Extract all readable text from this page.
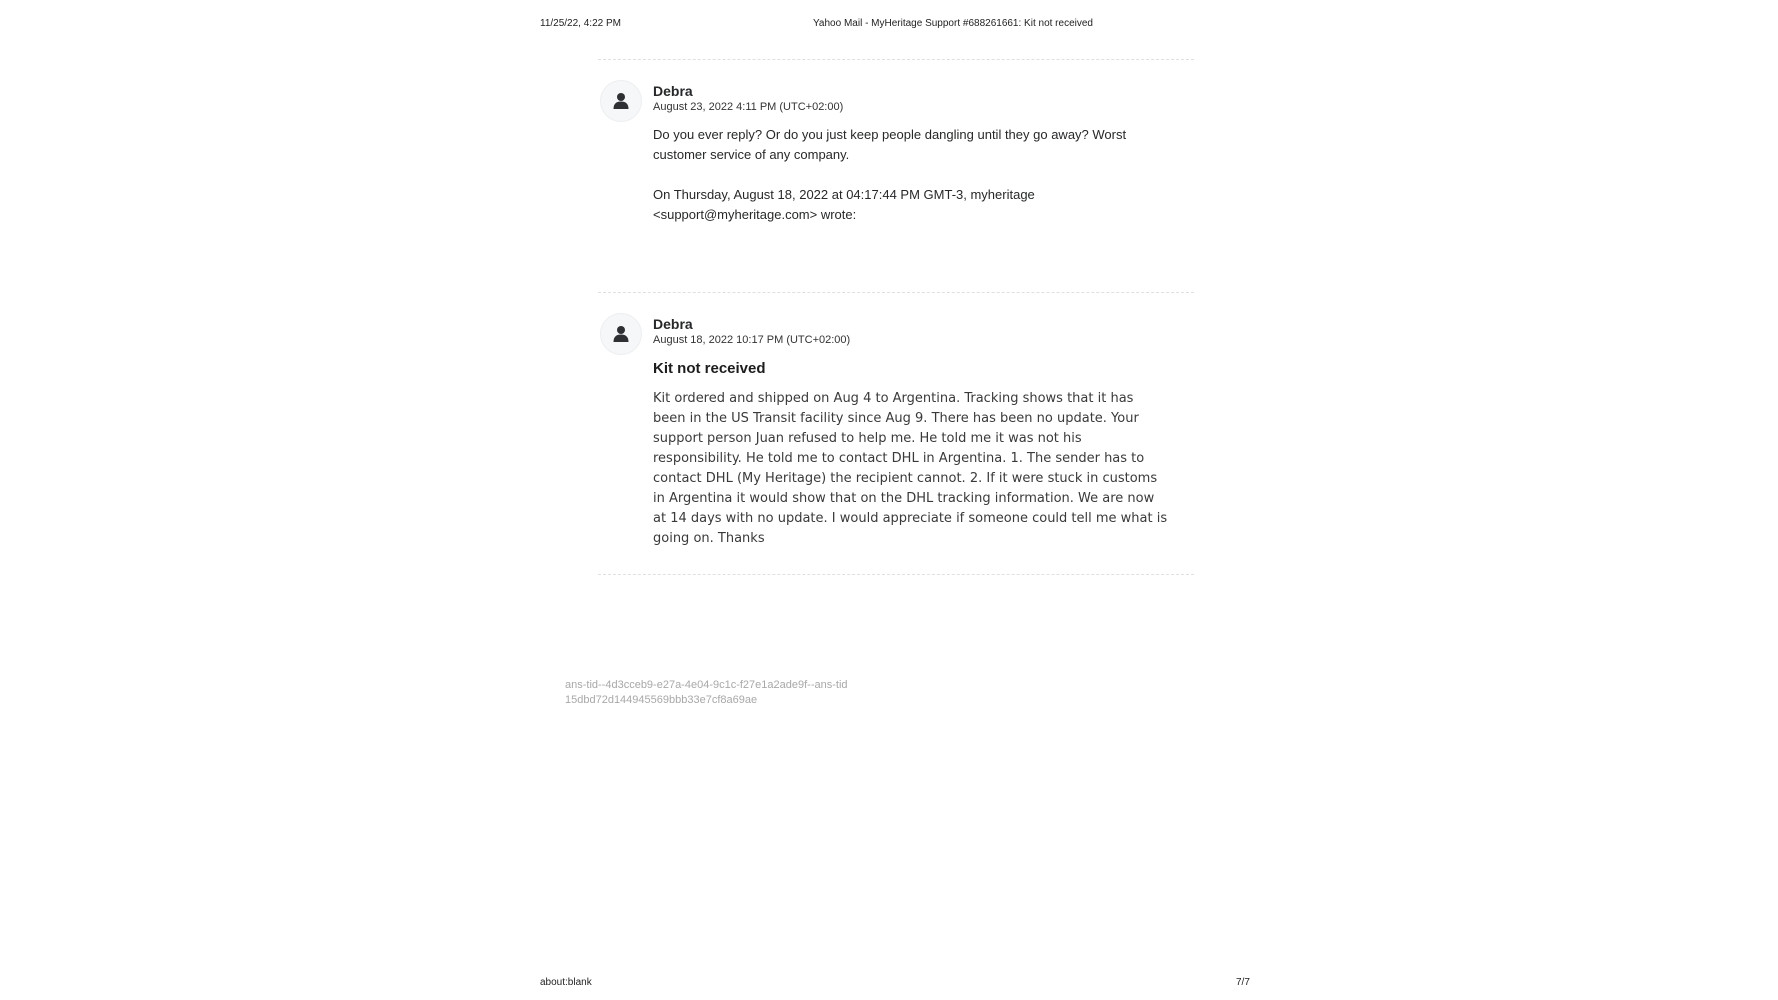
11/25/22, 4:22 PM	Yahoo Mail - MyHeritage Support #688261661: Kit not received
Debra
August 23, 2022 4:11 PM (UTC+02:00)

Do you ever reply? Or do you just keep people dangling until they go away? Worst customer service of any company.

On Thursday, August 18, 2022 at 04:17:44 PM GMT-3, myheritage <support@myheritage.com> wrote:

Debra
August 18, 2022 10:17 PM (UTC+02:00)
Kit not received
Kit ordered and shipped on Aug 4 to Argentina. Tracking shows that it has been in the US Transit facility since Aug 9. There has been no update. Your support person Juan refused to help me. He told me it was not his responsibility. He told me to contact DHL in Argentina. 1. The sender has to contact DHL (My Heritage) the recipient cannot. 2. If it were stuck in customs in Argentina it would show that on the DHL tracking information. We are now at 14 days with no update. I would appreciate if someone could tell me what is going on. Thanks
ans-tid--4d3cceb9-e27a-4e04-9c1c-f27e1a2ade9f--ans-tid
15dbd72d144945569bbb33e7cf8a69ae
about:blank	7/7
